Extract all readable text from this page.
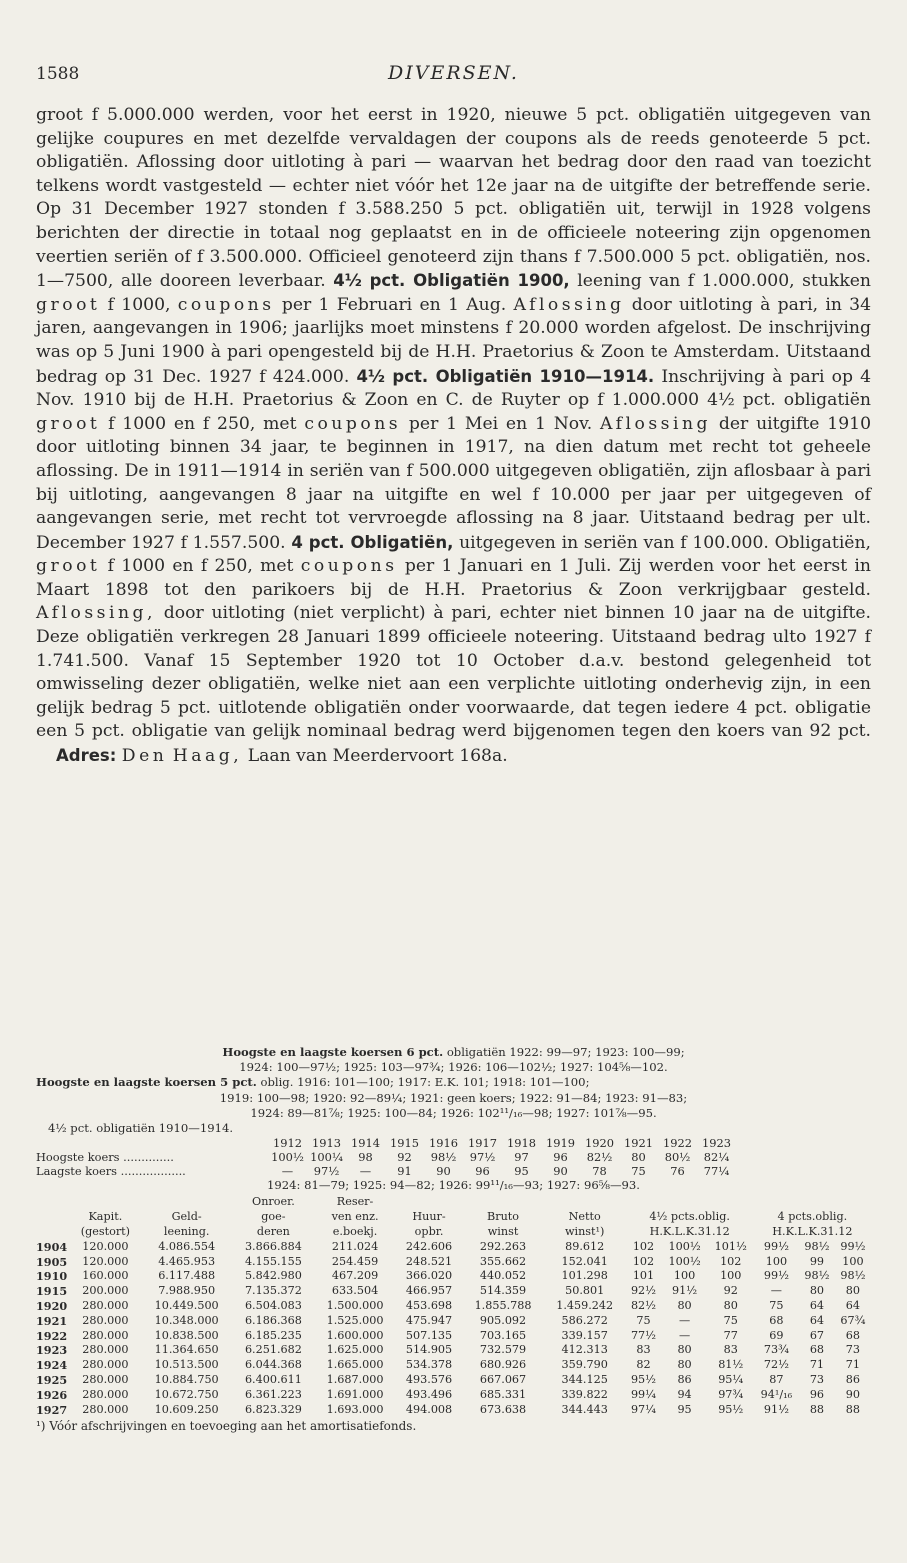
1588	DIVERSEN.

groot f 5.000.000 werden, voor het eerst in 1920, nieuwe 5 pct. obligatiën uitgegeven van gelijke coupures en met dezelfde vervaldagen der coupons als de reeds genoteerde 5 pct. obligatiën. Aflossing door uitloting à pari — waarvan het bedrag door den raad van toezicht telkens wordt vastgesteld — echter niet vóór het 12e jaar na de uitgifte der betreffende serie. Op 31 December 1927 stonden f 3.588.250 5 pct. obligatiën uit, terwijl in 1928 volgens berichten der directie in totaal nog geplaatst en in de officieele noteering zijn opgenomen veertien seriën of f 3.500.000. Officieel genoteerd zijn thans f 7.500.000 5 pct. obligatiën, nos. 1—7500, alle dooreen leverbaar. 4½ pct. Obligatiën 1900, leening van f 1.000.000, stukken groot f 1000, coupons per 1 Februari en 1 Aug. Aflossing door uitloting à pari, in 34 jaren, aangevangen in 1906; jaarlijks moet minstens f 20.000 worden afgelost. De inschrijving was op 5 Juni 1900 à pari opengesteld bij de H.H. Praetorius & Zoon te Amsterdam. Uitstaand bedrag op 31 Dec. 1927 f 424.000. 4½ pct. Obligatiën 1910—1914. Inschrijving à pari op 4 Nov. 1910 bij de H.H. Praetorius & Zoon en C. de Ruyter op f 1.000.000 4½ pct. obligatiën groot f 1000 en f 250, met coupons per 1 Mei en 1 Nov. Aflossing der uitgifte 1910 door uitloting binnen 34 jaar, te beginnen in 1917, na dien datum met recht tot geheele aflossing. De in 1911—1914 in seriën van f 500.000 uitgegeven obligatiën, zijn aflosbaar à pari bij uitloting, aangevangen 8 jaar na uitgifte en wel f 10.000 per jaar per uitgegeven of aangevangen serie, met recht tot vervroegde aflossing na 8 jaar. Uitstaand bedrag per ult. December 1927 f 1.557.500. 4 pct. Obligatiën, uitgegeven in seriën van f 100.000. Obligatiën, groot f 1000 en f 250, met coupons per 1 Januari en 1 Juli. Zij werden voor het eerst in Maart 1898 tot den parikoers bij de H.H. Praetorius & Zoon verkrijgbaar gesteld. Aflossing, door uitloting (niet verplicht) à pari, echter niet binnen 10 jaar na de uitgifte. Deze obligatiën verkregen 28 Januari 1899 officieele noteering. Uitstaand bedrag ulto 1927 f 1.741.500. Vanaf 15 September 1920 tot 10 October d.a.v. bestond gelegenheid tot omwisseling dezer obligatiën, welke niet aan een verplichte uitloting onderhevig zijn, in een gelijk bedrag 5 pct. uitlotende obligatiën onder voorwaarde, dat tegen iedere 4 pct. obligatie een 5 pct. obligatie van gelijk nominaal bedrag werd bijgenomen tegen den koers van 92 pct. Adres: Den Haag, Laan van Meerdervoort 168a.

Hoogste en laagste koersen 6 pct. obligatiën 1922: 99—97; 1923: 100—99;
1924: 100—97½; 1925: 103—97¾; 1926: 106—102½; 1927: 104⅝—102.
Hoogste en laagste koersen 5 pct. oblig. 1916: 101—100; 1917: E.K. 101; 1918: 101—100;
1919: 100—98; 1920: 92—89¼; 1921: geen koers; 1922: 91—84; 1923: 91—83;
1924: 89—81⅞; 1925: 100—84; 1926: 102¹¹/₁₆—98; 1927: 101⅞—95.
4½ pct. obligatiën 1910—1914.
	1912	1913	1914	1915	1916	1917	1918	1919	1920	1921	1922	1923
Hoogste koers ..............	100½	100¼	98	92	98½	97½	97	96	82½	80	80½	82¼
Laagste koers ..................	—	97½	—	91	90	96	95	90	78	75	76	77¼
1924: 81—79; 1925: 94—82; 1926: 99¹¹/₁₆—93; 1927: 96⅝—93.
			Onroer.	Reser-										
	Kapit.	Geld-	goe-	ven enz.	Huur-	Bruto	Netto	4½ pcts.oblig.			4 pcts.oblig.			
	(gestort)	leening.	deren	e.boekj.	opbr.	winst	winst¹)	H.K.L.K.31.12			H.K.L.K.31.12			
1904	120.000	4.086.554	3.866.884	211.024	242.606	292.263	89.612	102	100½	101½	99½	98½	99½	
1905	120.000	4.465.953	4.155.155	254.459	248.521	355.662	152.041	102	100½	102	100	99	100	
1910	160.000	6.117.488	5.842.980	467.209	366.020	440.052	101.298	101	100	100	99½	98½	98½	
1915	200.000	7.988.950	7.135.372	633.504	466.957	514.359	50.801	92½	91½	92	—	80	80	
1920	280.000	10.449.500	6.504.083	1.500.000	453.698	1.855.788	1.459.242	82½	80	80	75	64	64	
1921	280.000	10.348.000	6.186.368	1.525.000	475.947	905.092	586.272	75	—	75	68	64	67¾	
1922	280.000	10.838.500	6.185.235	1.600.000	507.135	703.165	339.157	77½	—	77	69	67	68	
1923	280.000	11.364.650	6.251.682	1.625.000	514.905	732.579	412.313	83	80	83	73¾	68	73	
1924	280.000	10.513.500	6.044.368	1.665.000	534.378	680.926	359.790	82	80	81½	72½	71	71	
1925	280.000	10.884.750	6.400.611	1.687.000	493.576	667.067	344.125	95½	86	95¼	87	73	86	
1926	280.000	10.672.750	6.361.223	1.691.000	493.496	685.331	339.822	99¼	94	97¾	94¹/₁₆	96	90	
1927	280.000	10.609.250	6.823.329	1.693.000	494.008	673.638	344.443	97¼	95	95½	91½	88	88	
¹) Vóór afschrijvingen en toevoeging aan het amortisatiefonds.
